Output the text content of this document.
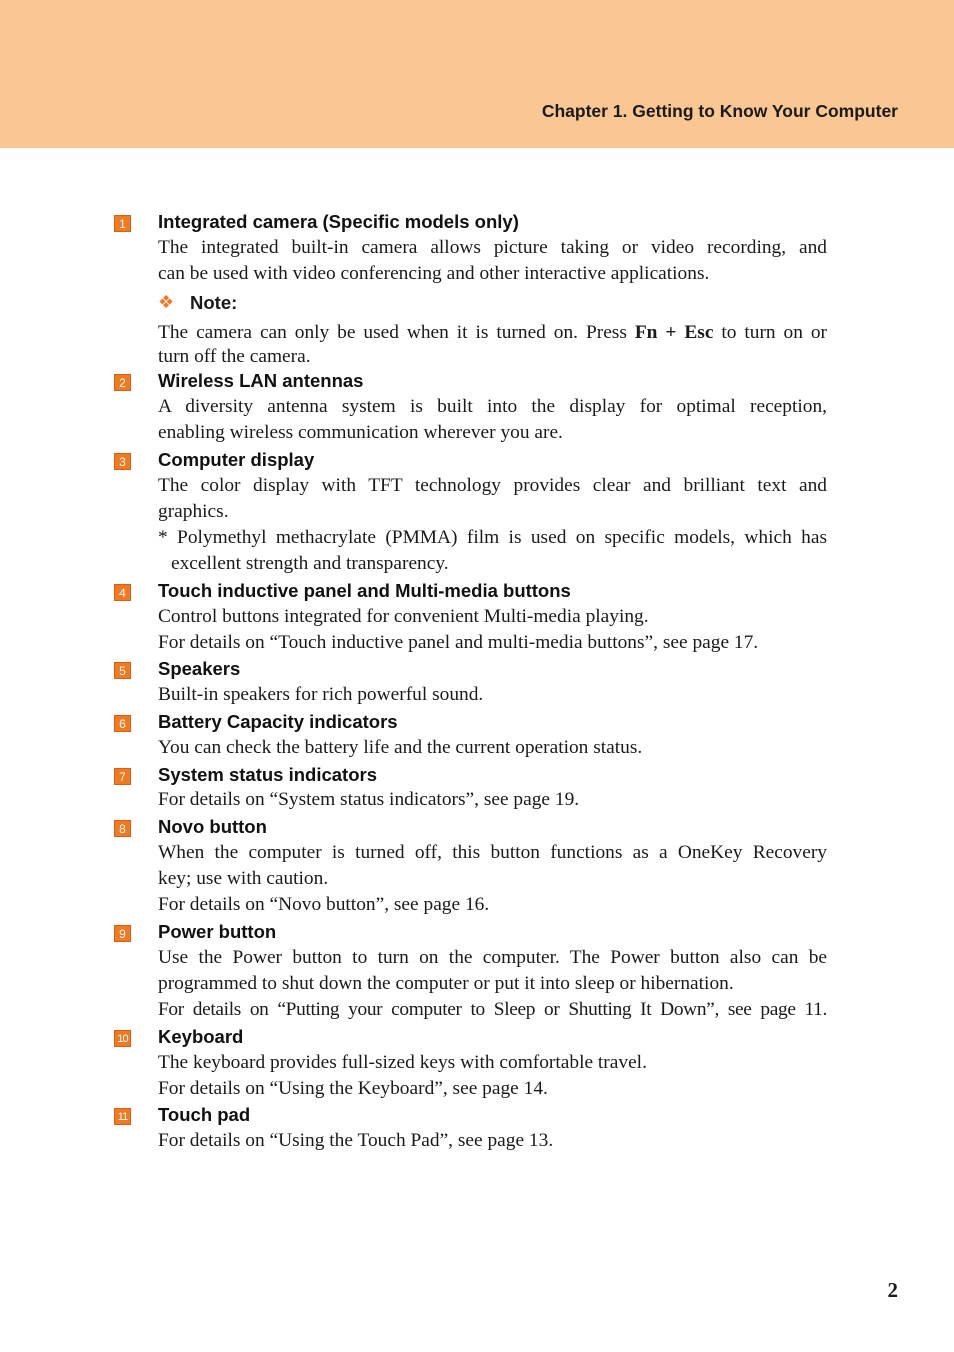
Chapter 1. Getting to Know Your Computer
1 Integrated camera (Specific models only)
The integrated built-in camera allows picture taking or video recording, and
can be used with video conferencing and other interactive applications.
❖ Note:
The camera can only be used when it is turned on. Press Fn + Esc to turn on or
turn off the camera.
2 Wireless LAN antennas
A diversity antenna system is built into the display for optimal reception,
enabling wireless communication wherever you are.
3 Computer display
The color display with TFT technology provides clear and brilliant text and
graphics.
* Polymethyl methacrylate (PMMA) film is used on specific models, which has
excellent strength and transparency.
4 Touch inductive panel and Multi-media buttons
Control buttons integrated for convenient Multi-media playing.
For details on “Touch inductive panel and multi-media buttons”, see page 17.
5 Speakers
Built-in speakers for rich powerful sound.
6 Battery Capacity indicators
You can check the battery life and the current operation status.
7 System status indicators
For details on “System status indicators”, see page 19.
8 Novo button
When the computer is turned off, this button functions as a OneKey Recovery
key; use with caution.
For details on “Novo button”, see page 16.
9 Power button
Use the Power button to turn on the computer. The Power button also can be
programmed to shut down the computer or put it into sleep or hibernation.
For details on “Putting your computer to Sleep or Shutting It Down”, see page 11.
10 Keyboard
The keyboard provides full-sized keys with comfortable travel.
For details on “Using the Keyboard”, see page 14.
11 Touch pad
For details on “Using the Touch Pad”, see page 13.
2
